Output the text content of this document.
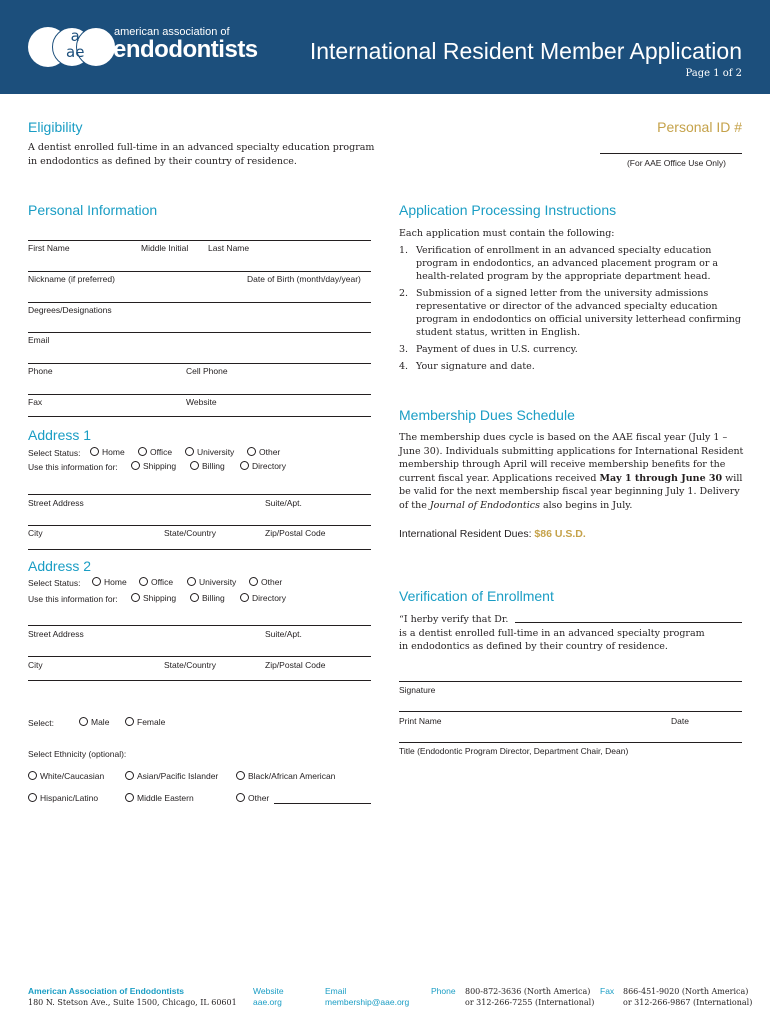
a
ae
american association of
endodontists International Resident Member Application
Page 1 of 2
Eligibility
A dentist enrolled full-time in an advanced specialty education program
in endodontics as defined by their country of residence.
Personal ID #
(For AAE Office Use Only)
Personal Information
First Name	Middle Initial Last Name
Nickname (if preferred)	Date of Birth (month/day/year)
Degrees/Designations
Email
Phone	Cell Phone
Fax	Website
Address 1
Select Status:	Home	Office	University	Other
Use this information for:	Shipping	Billing	Directory
Street Address	Suite/Apt.
City	State/Country	Zip/Postal Code
Address 2
Select Status:	Home	Office	University	Other
Use this information for:	Shipping	Billing	Directory
Street Address	Suite/Apt.
City	State/Country	Zip/Postal Code
Select:	Male	Female
Select Ethnicity (optional):
White/Caucasian	Asian/Pacific Islander	Black/African American
Hispanic/Latino	Middle Eastern	Other
Application Processing Instructions
Each application must contain the following:
1. Verification of enrollment in an advanced specialty education program in endodontics, an advanced placement program or a health-related program by the appropriate department head.
2. Submission of a signed letter from the university admissions representative or director of the advanced specialty education program in endodontics on official university letterhead confirming student status, written in English.
3. Payment of dues in U.S. currency.
4. Your signature and date.
Membership Dues Schedule
The membership dues cycle is based on the AAE fiscal year (July 1 – June 30). Individuals submitting applications for International Resident membership through April will receive membership benefits for the current fiscal year. Applications received May 1 through June 30 will be valid for the next membership fiscal year beginning July 1. Delivery of the Journal of Endodontics also begins in July.
International Resident Dues: $86 U.S.D.
Verification of Enrollment
“I herby verify that Dr.
is a dentist enrolled full-time in an advanced specialty program
in endodontics as defined by their country of residence.
Signature
Print Name	Date
Title (Endodontic Program Director, Department Chair, Dean)
American Association of Endodontists
180 N. Stetson Ave., Suite 1500, Chicago, IL 60601
Website
aae.org
Email
membership@aae.org
Phone 800-872-3636 (North America)
or 312-266-7255 (International)
Fax 866-451-9020 (North America)
or 312-266-9867 (International)
